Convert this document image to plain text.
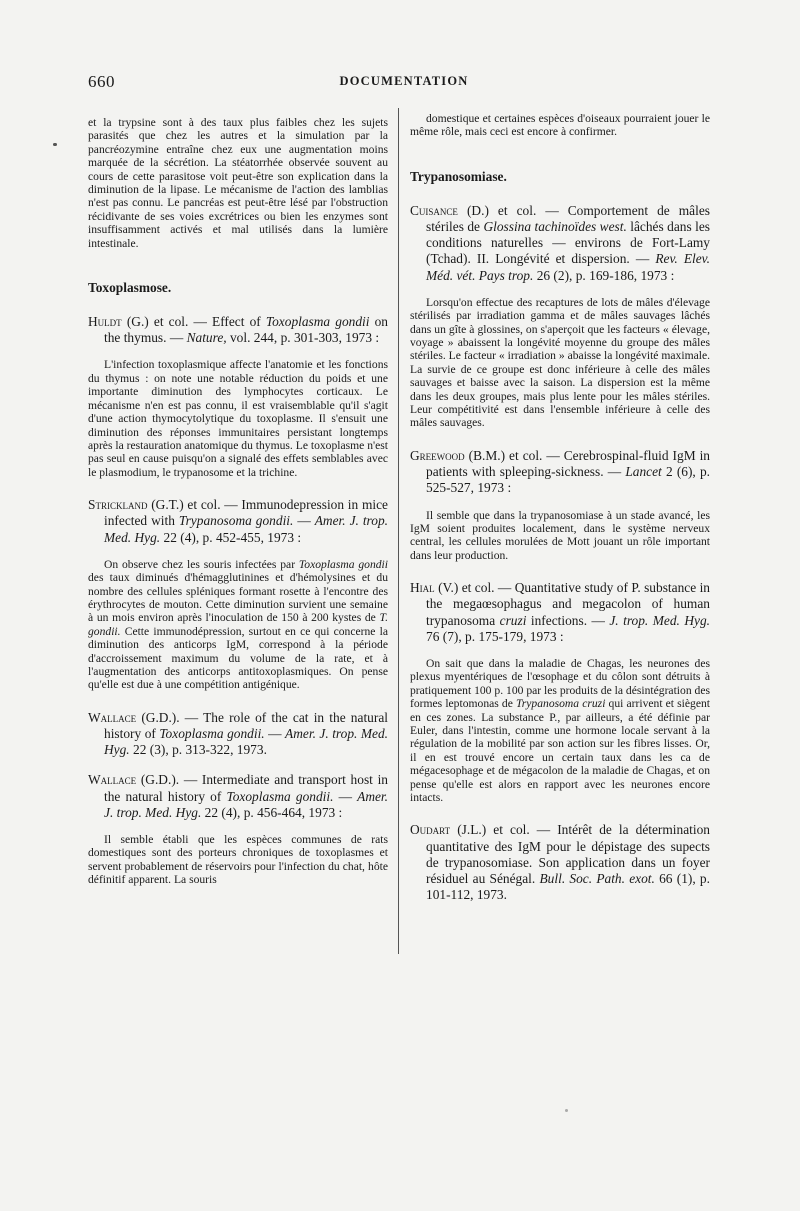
660	DOCUMENTATION

et la trypsine sont à des taux plus faibles chez les sujets parasités que chez les autres et la simulation par la pancréozymine entraîne chez eux une augmentation moins marquée de la sécrétion. La stéatorrhée observée souvent au cours de cette parasitose voit peut-être son explication dans la diminution de la lipase. Le mécanisme de l'action des lamblias n'est pas connu. Le pancréas est peut-être lésé par l'obstruction récidivante de ses voies excrétrices ou bien les enzymes sont insuffisamment activés et mal utilisés dans la lumière intestinale.

Toxoplasmose.

Huldt (G.) et col. — Effect of Toxoplasma gondii on the thymus. — Nature, vol. 244, p. 301-303, 1973 :

L'infection toxoplasmique affecte l'anatomie et les fonctions du thymus : on note une notable réduction du poids et une importante diminution des lymphocytes corticaux. Le mécanisme n'en est pas connu, il est vraisemblable qu'il s'agit d'une action thymocytolytique du toxoplasme. Il s'ensuit une diminution des réponses immunitaires persistant longtemps après la restauration anatomique du thymus. Le toxoplasme n'est pas seul en cause puisqu'on a signalé des effets semblables avec le plasmodium, le trypanosome et la trichine.

Strickland (G.T.) et col. — Immunodepression in mice infected with Trypanosoma gondii. — Amer. J. trop. Med. Hyg. 22 (4), p. 452-455, 1973 :

On observe chez les souris infectées par Toxoplasma gondii des taux diminués d'hémagglutinines et d'hémolysines et du nombre des cellules spléniques formant rosette à l'encontre des érythrocytes de mouton. Cette diminution survient une semaine à un mois environ après l'inoculation de 150 à 200 kystes de T. gondii. Cette immunodépression, surtout en ce qui concerne la diminution des anticorps IgM, correspond à la période d'accroissement maximum du volume de la rate, et à l'augmentation des anticorps antitoxoplasmiques. On pense qu'elle est due à une compétition antigénique.

Wallace (G.D.). — The role of the cat in the natural history of Toxoplasma gondii. — Amer. J. trop. Med. Hyg. 22 (3), p. 313-322, 1973.

Wallace (G.D.). — Intermediate and transport host in the natural history of Toxoplasma gondii. — Amer. J. trop. Med. Hyg. 22 (4), p. 456-464, 1973 :

Il semble établi que les espèces communes de rats domestiques sont des porteurs chroniques de toxoplasmes et servent probablement de réservoirs pour l'infection du chat, hôte définitif apparent. La souris

domestique et certaines espèces d'oiseaux pourraient jouer le même rôle, mais ceci est encore à confirmer.

Trypanosomiase.

Cuisance (D.) et col. — Comportement de mâles stériles de Glossina tachinoïdes west. lâchés dans les conditions naturelles — environs de Fort-Lamy (Tchad). II. Longévité et dispersion. — Rev. Elev. Méd. vét. Pays trop. 26 (2), p. 169-186, 1973 :

Lorsqu'on effectue des recaptures de lots de mâles d'élevage stérilisés par irradiation gamma et de mâles sauvages lâchés dans un gîte à glossines, on s'aperçoit que les facteurs « élevage, voyage » abaissent la longévité moyenne du groupe des mâles stériles. Le facteur « irradiation » abaisse la longévité maximale. La survie de ce groupe est donc inférieure à celle des mâles sauvages et baisse avec la saison. La dispersion est la même dans les deux groupes, mais plus lente pour les mâles stériles. Leur compétitivité est dans l'ensemble inférieure à celle des mâles sauvages.

Greewood (B.M.) et col. — Cerebrospinal-fluid IgM in patients with spleeping-sickness. — Lancet 2 (6), p. 525-527, 1973 :

Il semble que dans la trypanosomiase à un stade avancé, les IgM soient produites localement, dans le système nerveux central, les cellules morulées de Mott jouant un rôle important dans leur production.

Hial (V.) et col. — Quantitative study of P. substance in the megaœsophagus and megacolon of human trypanosoma cruzi infections. — J. trop. Med. Hyg. 76 (7), p. 175-179, 1973 :

On sait que dans la maladie de Chagas, les neurones des plexus myentériques de l'œsophage et du côlon sont détruits à pratiquement 100 p. 100 par les produits de la désintégration des formes leptomonas de Trypanosoma cruzi qui arrivent et siègent en ces zones. La substance P., par ailleurs, a été définie par Euler, dans l'intestin, comme une hormone locale servant à la régulation de la mobilité par son action sur les fibres lisses. Or, il en est trouvé encore un certain taux dans les ca de mégacesophage et de mégacolon de la maladie de Chagas, et on pense qu'elle est alors en rapport avec les neurones encore intacts.

Oudart (J.L.) et col. — Intérêt de la détermination quantitative des IgM pour le dépistage des supects de trypanosomiase. Son application dans un foyer résiduel au Sénégal. Bull. Soc. Path. exot. 66 (1), p. 101-112, 1973.
